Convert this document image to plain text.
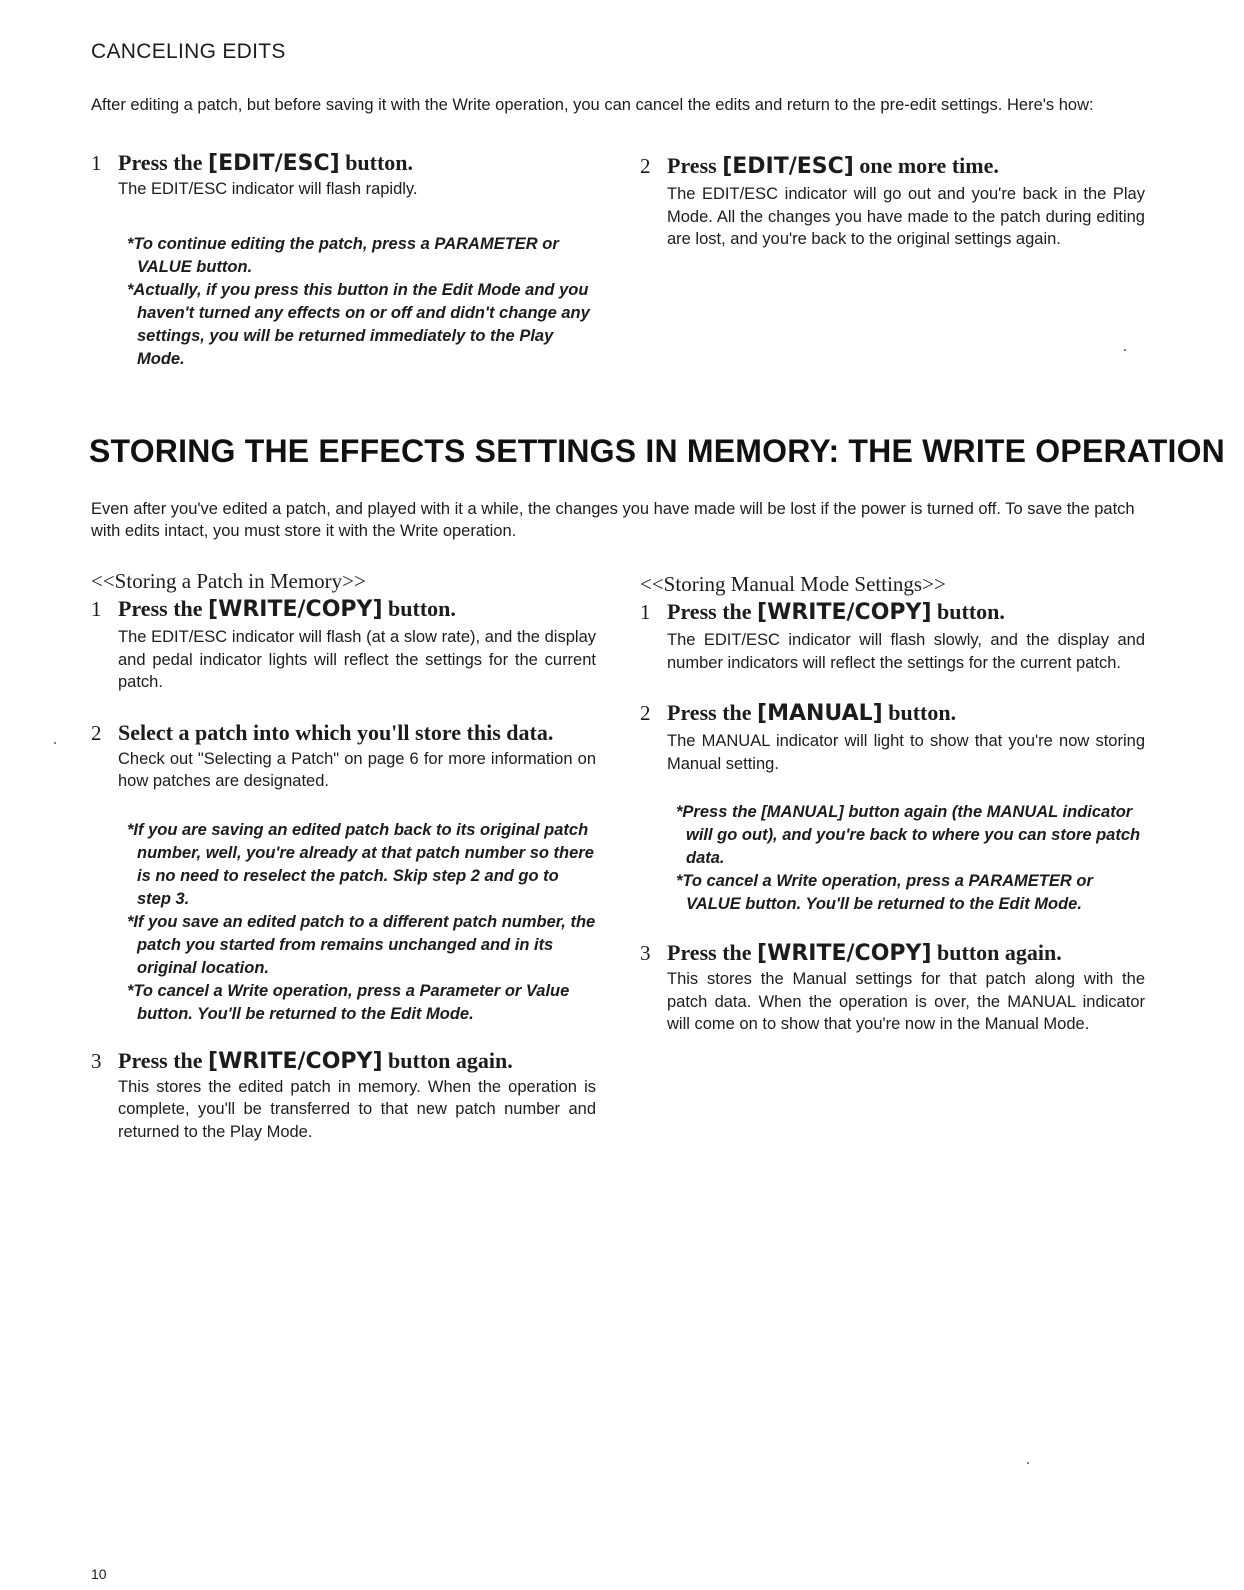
CANCELING EDITS
After editing a patch, but before saving it with the Write operation, you can cancel the edits and return to the pre-edit settings. Here's how:
1 Press the [EDIT/ESC] button.
The EDIT/ESC indicator will flash rapidly.

*To continue editing the patch, press a PARAMETER or VALUE button.

*Actually, if you press this button in the Edit Mode and you haven't turned any effects on or off and didn't change any settings, you will be returned immediately to the Play Mode.

2 Press [EDIT/ESC] one more time.
The EDIT/ESC indicator will go out and you're back in the Play Mode. All the changes you have made to the patch during editing are lost, and you're back to the original settings again.
STORING THE EFFECTS SETTINGS IN MEMORY: THE WRITE OPERATION
Even after you've edited a patch, and played with it a while, the changes you have made will be lost if the power is turned off. To save the patch with edits intact, you must store it with the Write operation.

<<Storing a Patch in Memory>>

1 Press the [WRITE/COPY] button.
The EDIT/ESC indicator will flash (at a slow rate), and the display and pedal indicator lights will reflect the settings for the current patch.
2 Select a patch into which you'll store this data.
Check out "Selecting a Patch" on page 6 for more information on how patches are designated.

*If you are saving an edited patch back to its original patch number, well, you're already at that patch number so there is no need to reselect the patch. Skip step 2 and go to step 3.

*If you save an edited patch to a different patch number, the patch you started from remains unchanged and in its original location.

*To cancel a Write operation, press a Parameter or Value button. You'll be returned to the Edit Mode.

3 Press the [WRITE/COPY] button again.
This stores the edited patch in memory. When the operation is complete, you'll be transferred to that new patch number and returned to the Play Mode.

<<Storing Manual Mode Settings>>

1 Press the [WRITE/COPY] button.
The EDIT/ESC indicator will flash slowly, and the display and number indicators will reflect the settings for the current patch.
2 Press the [MANUAL] button.
The MANUAL indicator will light to show that you're now storing Manual setting.

*Press the [MANUAL] button again (the MANUAL indicator will go out), and you're back to where you can store patch data.

*To cancel a Write operation, press a PARAMETER or VALUE button. You'll be returned to the Edit Mode.

3 Press the [WRITE/COPY] button again.
This stores the Manual settings for that patch along with the patch data. When the operation is over, the MANUAL indicator will come on to show that you're now in the Manual Mode.
10
